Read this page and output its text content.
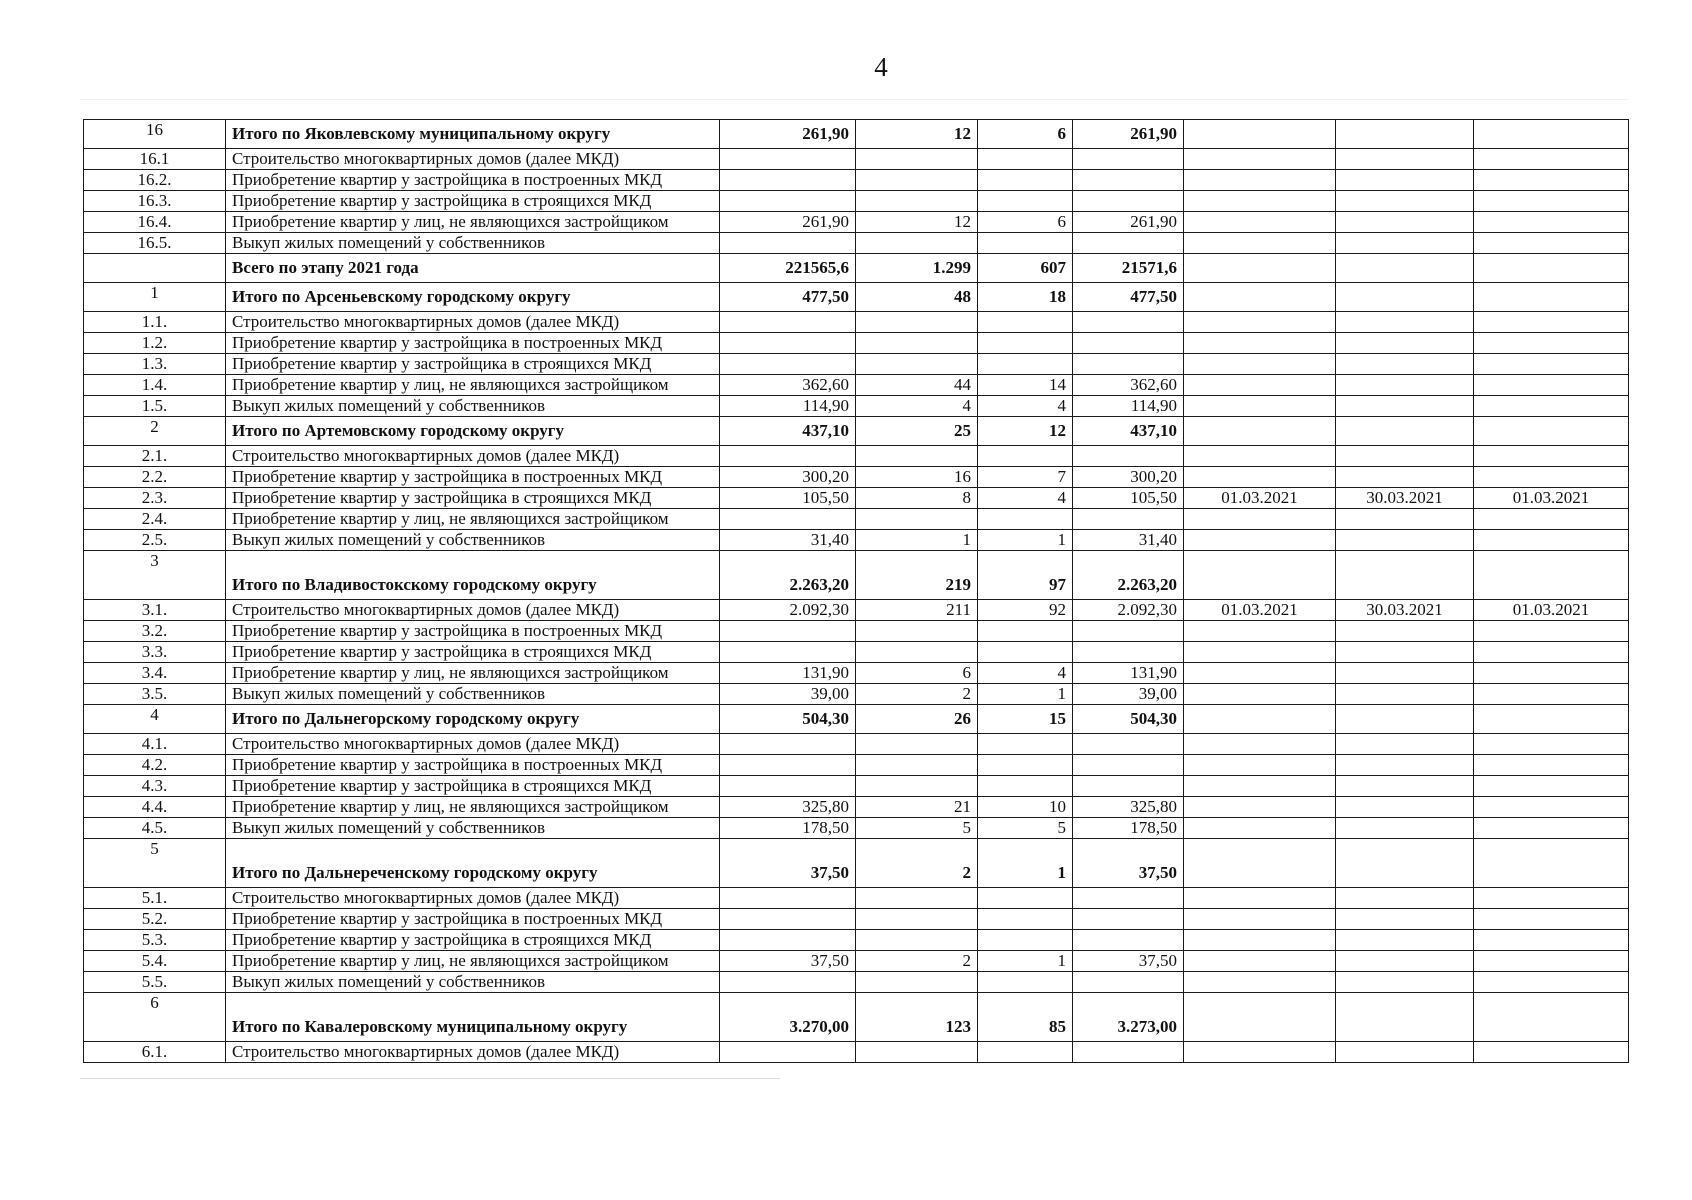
4
16	Итого по Яковлевскому муниципальному округу	261,90	12	6	261,90			
16.1	Строительство многоквартирных домов (далее МКД)							
16.2.	Приобретение квартир у застройщика в построенных МКД							
16.3.	Приобретение квартир у застройщика в строящихся МКД							
16.4.	Приобретение квартир у лиц, не являющихся застройщиком	261,90	12	6	261,90			
16.5.	Выкуп жилых помещений у собственников							
	Всего по этапу 2021 года	221565,6	1.299	607	21571,6			
1	Итого по Арсеньевскому городскому округу	477,50	48	18	477,50			
1.1.	Строительство многоквартирных домов (далее МКД)							
1.2.	Приобретение квартир у застройщика в построенных МКД							
1.3.	Приобретение квартир у застройщика в строящихся МКД							
1.4.	Приобретение квартир у лиц, не являющихся застройщиком	362,60	44	14	362,60			
1.5.	Выкуп жилых помещений у собственников	114,90	4	4	114,90			
2	Итого по Артемовскому городскому округу	437,10	25	12	437,10			
2.1.	Строительство многоквартирных домов (далее МКД)							
2.2.	Приобретение квартир у застройщика в построенных МКД	300,20	16	7	300,20			
2.3.	Приобретение квартир у застройщика в строящихся МКД	105,50	8	4	105,50	01.03.2021	30.03.2021	01.03.2021
2.4.	Приобретение квартир у лиц, не являющихся застройщиком							
2.5.	Выкуп жилых помещений у собственников	31,40	1	1	31,40			
3	Итого по Владивостокскому городскому округу	2.263,20	219	97	2.263,20			
3.1.	Строительство многоквартирных домов (далее МКД)	2.092,30	211	92	2.092,30	01.03.2021	30.03.2021	01.03.2021
3.2.	Приобретение квартир у застройщика в построенных МКД							
3.3.	Приобретение квартир у застройщика в строящихся МКД							
3.4.	Приобретение квартир у лиц, не являющихся застройщиком	131,90	6	4	131,90			
3.5.	Выкуп жилых помещений у собственников	39,00	2	1	39,00			
4	Итого по Дальнегорскому городскому округу	504,30	26	15	504,30			
4.1.	Строительство многоквартирных домов (далее МКД)							
4.2.	Приобретение квартир у застройщика в построенных МКД							
4.3.	Приобретение квартир у застройщика в строящихся МКД							
4.4.	Приобретение квартир у лиц, не являющихся застройщиком	325,80	21	10	325,80			
4.5.	Выкуп жилых помещений у собственников	178,50	5	5	178,50			
5	Итого по Дальнереченскому городскому округу	37,50	2	1	37,50			
5.1.	Строительство многоквартирных домов (далее МКД)							
5.2.	Приобретение квартир у застройщика в построенных МКД							
5.3.	Приобретение квартир у застройщика в строящихся МКД							
5.4.	Приобретение квартир у лиц, не являющихся застройщиком	37,50	2	1	37,50			
5.5.	Выкуп жилых помещений у собственников							
6	Итого по Кавалеровскому муниципальному округу	3.270,00	123	85	3.273,00			
6.1.	Строительство многоквартирных домов (далее МКД)							
